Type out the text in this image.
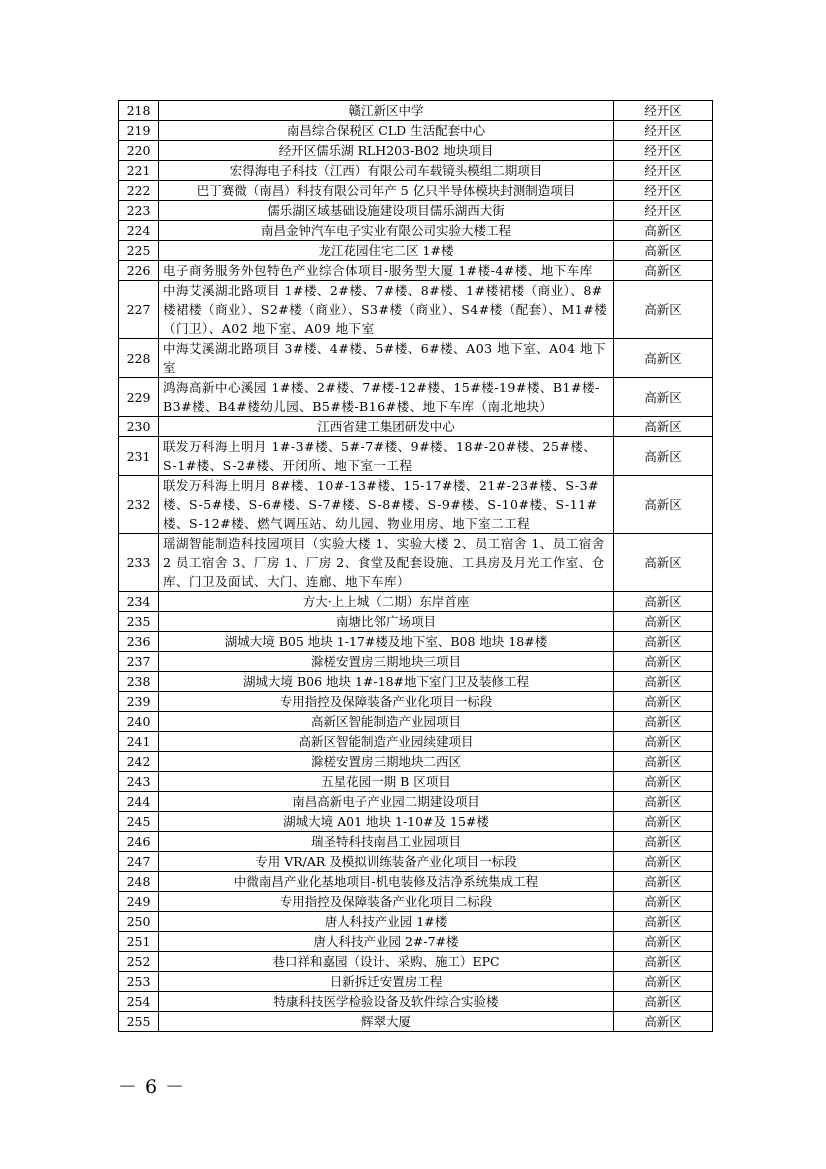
218	赣江新区中学	经开区
219	南昌综合保税区 CLD 生活配套中心	经开区
220	经开区儒乐湖 RLH203-B02 地块项目	经开区
221	宏得海电子科技（江西）有限公司车载镜头模组二期项目	经开区
222	巴丁赛微（南昌）科技有限公司年产 5 亿只半导体模块封测制造项目	经开区
223	儒乐湖区域基础设施建设项目儒乐湖西大街	经开区
224	南昌金钟汽车电子实业有限公司实验大楼工程	高新区
225	龙江花园住宅二区 1#楼	高新区
226	电子商务服务外包特色产业综合体项目-服务型大厦 1#楼-4#楼、地下车库	高新区
227	中海艾溪湖北路项目 1#楼、2#楼、7#楼、8#楼、1#楼裙楼（商业）、8#楼裙楼（商业）、S2#楼（商业）、S3#楼（商业）、S4#楼（配套）、M1#楼（门卫）、A02 地下室、A09 地下室	高新区
228	中海艾溪湖北路项目 3#楼、4#楼、5#楼、6#楼、A03 地下室、A04 地下室	高新区
229	鸿海高新中心溪园 1#楼、2#楼、7#楼-12#楼、15#楼-19#楼、B1#楼-B3#楼、B4#楼幼儿园、B5#楼-B16#楼、地下车库（南北地块）	高新区
230	江西省建工集团研发中心	高新区
231	联发万科海上明月 1#-3#楼、5#-7#楼、9#楼、18#-20#楼、25#楼、S-1#楼、S-2#楼、开闭所、地下室一工程	高新区
232	联发万科海上明月 8#楼、10#-13#楼、15-17#楼、21#-23#楼、S-3#楼、S-5#楼、S-6#楼、S-7#楼、S-8#楼、S-9#楼、S-10#楼、S-11#楼、S-12#楼、燃气调压站、幼儿园、物业用房、地下室二工程	高新区
233	瑶湖智能制造科技园项目（实验大楼 1、实验大楼 2、员工宿舍 1、员工宿舍 2 员工宿舍 3、厂房 1、厂房 2、食堂及配套设施、工具房及月光工作室、仓库、门卫及面试、大门、连廊、地下车库）	高新区
234	方大·上上城（二期）东岸首座	高新区
235	南塘比邻广场项目	高新区
236	湖城大境 B05 地块 1-17#楼及地下室、B08 地块 18#楼	高新区
237	滁槎安置房三期地块三项目	高新区
238	湖城大境 B06 地块 1#-18#地下室门卫及装修工程	高新区
239	专用指控及保障装备产业化项目一标段	高新区
240	高新区智能制造产业园项目	高新区
241	高新区智能制造产业园续建项目	高新区
242	滁槎安置房三期地块二西区	高新区
243	五星花园一期 B 区项目	高新区
244	南昌高新电子产业园二期建设项目	高新区
245	湖城大境 A01 地块 1-10#及 15#楼	高新区
246	瑞圣特科技南昌工业园项目	高新区
247	专用 VR/AR 及模拟训练装备产业化项目一标段	高新区
248	中微南昌产业化基地项目-机电装修及洁净系统集成工程	高新区
249	专用指控及保障装备产业化项目二标段	高新区
250	唐人科技产业园 1#楼	高新区
251	唐人科技产业园 2#-7#楼	高新区
252	巷口祥和嘉园（设计、采购、施工）EPC	高新区
253	日新拆迁安置房工程	高新区
254	特康科技医学检验设备及软件综合实验楼	高新区
255	辉翠大厦	高新区
－ 6 －
